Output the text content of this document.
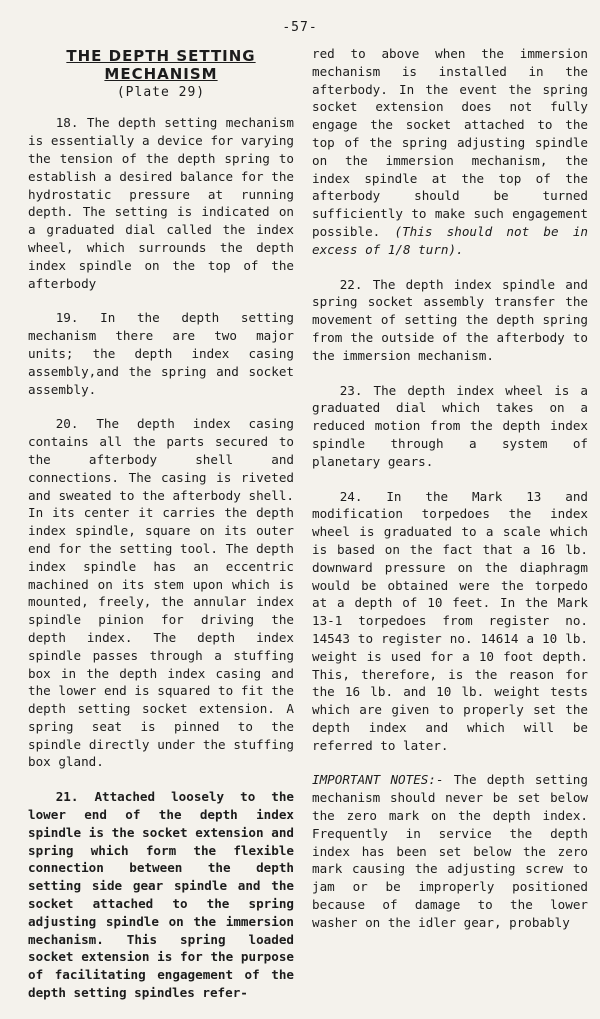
-57-
THE DEPTH SETTING MECHANISM
(Plate 29)

18. The depth setting mechanism is essentially a device for varying the tension of the depth spring to establish a desired balance for the hydrostatic pressure at running depth. The setting is indicated on a graduated dial called the index wheel, which surrounds the depth index spindle on the top of the afterbody

19. In the depth setting mechanism there are two major units; the depth index casing assembly,and the spring and socket assembly.

20. The depth index casing contains all the parts secured to the afterbody shell and connections. The casing is riveted and sweated to the afterbody shell. In its center it carries the depth index spindle, square on its outer end for the setting tool. The depth index spindle has an eccentric machined on its stem upon which is mounted, freely, the annular index spindle pinion for driving the depth index. The depth index spindle passes through a stuffing box in the depth index casing and the lower end is squared to fit the depth setting socket extension. A spring seat is pinned to the spindle directly under the stuffing box gland.

21. Attached loosely to the lower end of the depth index spindle is the socket extension and spring which form the flexible connection between the depth setting side gear spindle and the socket attached to the spring adjusting spindle on the immersion mechanism. This spring loaded socket extension is for the purpose of facilitating engagement of the depth setting spindles refer-

red to above when the immersion mechanism is installed in the afterbody. In the event the spring socket extension does not fully engage the socket attached to the top of the spring adjusting spindle on the immersion mechanism, the index spindle at the top of the afterbody should be turned sufficiently to make such engagement possible. (This should not be in excess of 1/8 turn).

22. The depth index spindle and spring socket assembly transfer the movement of setting the depth spring from the outside of the afterbody to the immersion mechanism.

23. The depth index wheel is a graduated dial which takes on a reduced motion from the depth index spindle through a system of planetary gears.

24. In the Mark 13 and modification torpedoes the index wheel is graduated to a scale which is based on the fact that a 16 lb. downward pressure on the diaphragm would be obtained were the torpedo at a depth of 10 feet. In the Mark 13-1 torpedoes from register no. 14543 to register no. 14614 a 10 lb. weight is used for a 10 foot depth. This, therefore, is the reason for the 16 lb. and 10 lb. weight tests which are given to properly set the depth index and which will be referred to later.

IMPORTANT NOTES:- The depth setting mechanism should never be set below the zero mark on the depth index. Frequently in service the depth index has been set below the zero mark causing the adjusting screw to jam or be improperly positioned because of damage to the lower washer on the idler gear, probably
